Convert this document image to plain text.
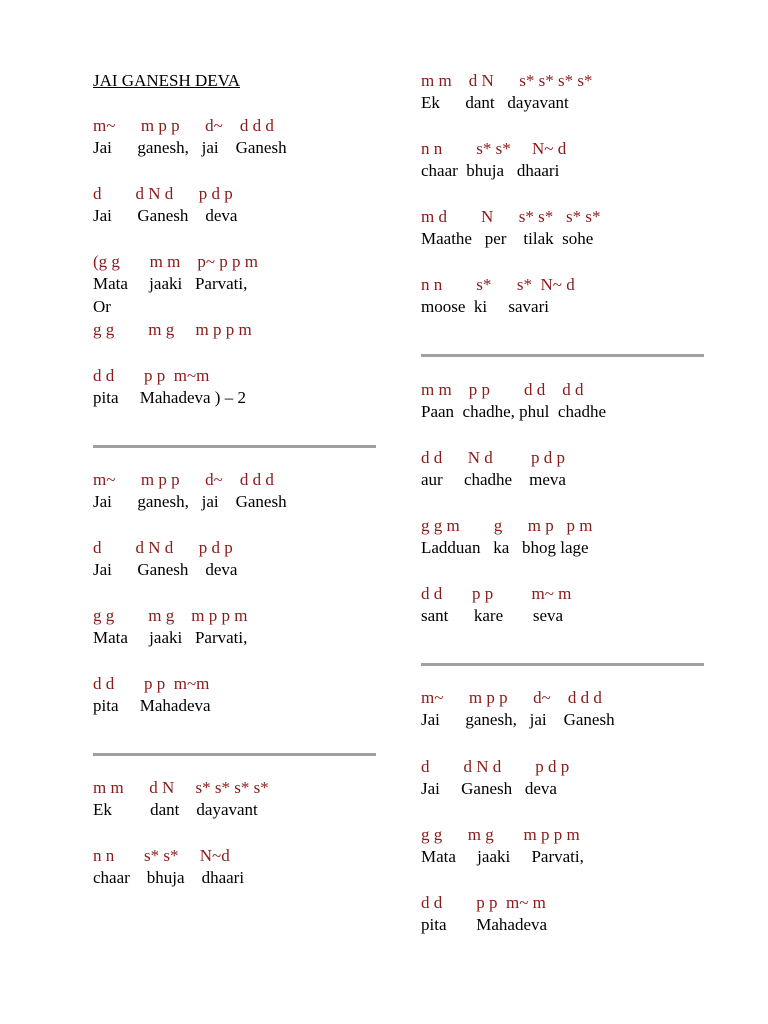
JAI GANESH DEVA
m~      m p p      d~    d d d
Jai      ganesh,   jai    Ganesh
d        d N d      p d p
Jai      Ganesh    deva
(g g       m m    p~ p p m
Mata     jaaki   Parvati,
Or
g g        m g     m p p m
d d       p p  m~m
pita     Mahadeva ) – 2
m~      m p p      d~    d d d
Jai      ganesh,   jai    Ganesh
d        d N d      p d p
Jai      Ganesh    deva
g g        m g    m p p m
Mata     jaaki   Parvati,
d d       p p  m~m
pita     Mahadeva
m m      d N     s* s* s* s*
Ek         dant    dayavant
n n       s* s*     N~d
chaar    bhuja    dhaari
m m    d N      s* s* s* s*
Ek      dant   dayavant
n n        s* s*     N~ d
chaar  bhuja   dhaari
m d        N      s* s*   s* s*
Maathe   per    tilak  sohe
n n        s*      s*  N~ d
moose  ki     savari
m m    p p        d d    d d
Paan  chadhe, phul  chadhe
d d      N d         p d p
aur     chadhe    meva
g g m        g      m p   p m
Ladduan   ka   bhog lage
d d       p p         m~ m
sant      kare       seva
m~      m p p      d~    d d d
Jai      ganesh,   jai    Ganesh
d        d N d        p d p
Jai     Ganesh   deva
g g      m g       m p p m
Mata     jaaki     Parvati,
d d        p p  m~ m
pita       Mahadeva
